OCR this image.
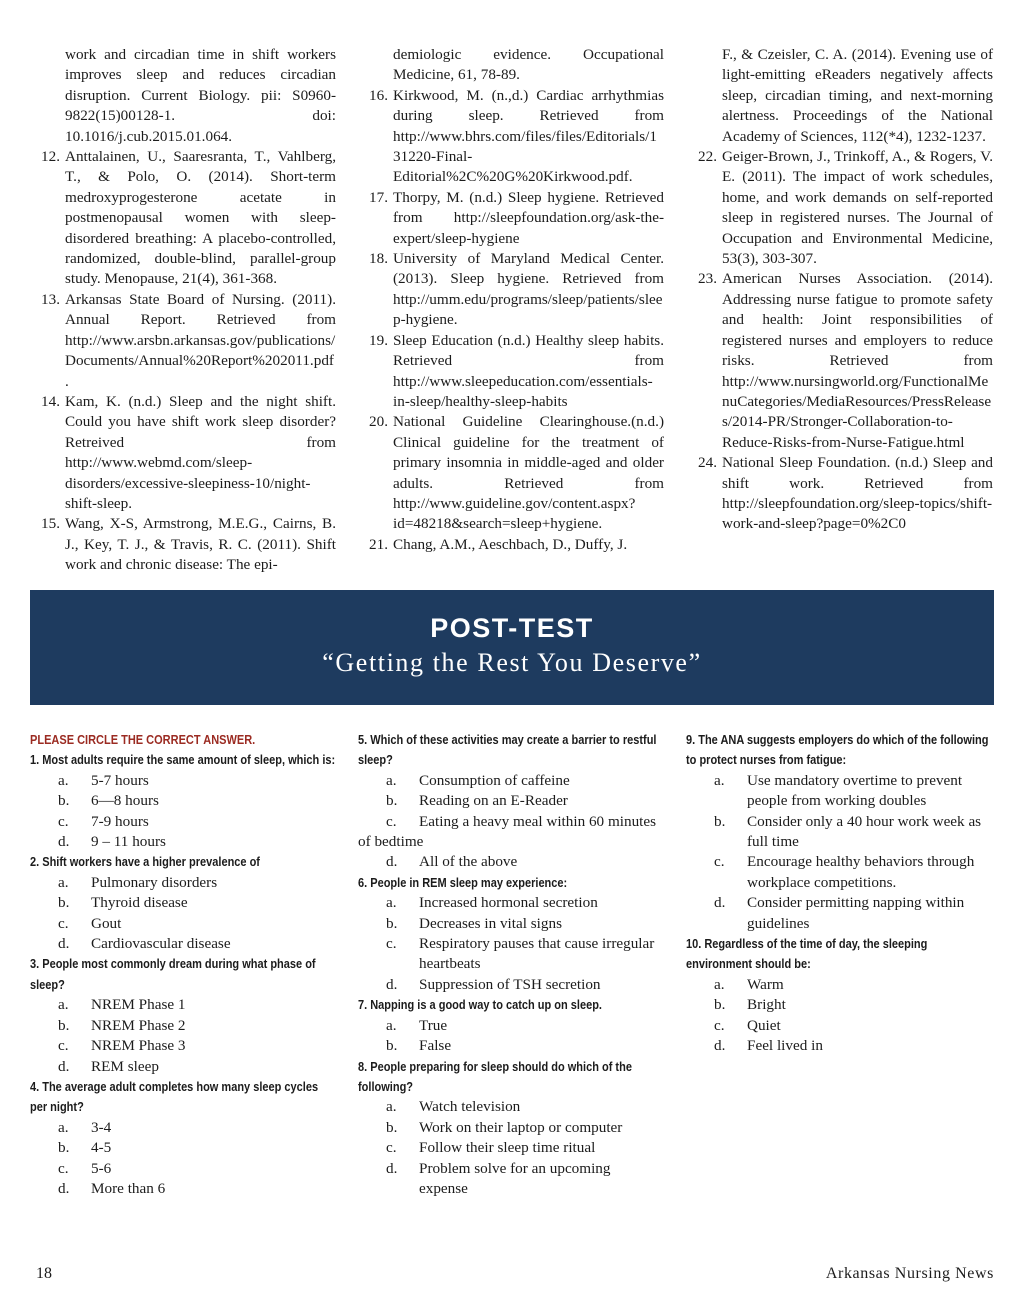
work and circadian time in shift workers improves sleep and reduces circadian disruption. Current Biology. pii: S0960-9822(15)00128-1. doi: 10.1016/j.cub.2015.01.064.
12. Anttalainen, U., Saaresranta, T., Vahlberg, T., & Polo, O. (2014). Short-term medroxyprogesterone acetate in postmenopausal women with sleep-disordered breathing: A placebo-controlled, randomized, double-blind, parallel-group study. Menopause, 21(4), 361-368.
13. Arkansas State Board of Nursing. (2011). Annual Report. Retrieved from http://www.arsbn.arkansas.gov/publications/Documents/Annual%20Report%202011.pdf.
14. Kam, K. (n.d.) Sleep and the night shift. Could you have shift work sleep disorder? Retreived from http://www.webmd.com/sleep-disorders/excessive-sleepiness-10/night-shift-sleep.
15. Wang, X-S, Armstrong, M.E.G., Cairns, B. J., Key, T. J., & Travis, R. C. (2011). Shift work and chronic disease: The epi-
demiologic evidence. Occupational Medicine, 61, 78-89.
16. Kirkwood, M. (n.,d.) Cardiac arrhythmias during sleep. Retrieved from http://www.bhrs.com/files/files/Editorials/131220-Final-Editorial%2C%20G%20Kirkwood.pdf.
17. Thorpy, M. (n.d.) Sleep hygiene. Retrieved from http://sleepfoundation.org/ask-the-expert/sleep-hygiene
18. University of Maryland Medical Center. (2013). Sleep hygiene. Retrieved from http://umm.edu/programs/sleep/patients/sleep-hygiene.
19. Sleep Education (n.d.) Healthy sleep habits. Retrieved from http://www.sleepeducation.com/essentials-in-sleep/healthy-sleep-habits
20. National Guideline Clearinghouse.(n.d.) Clinical guideline for the treatment of primary insomnia in middle-aged and older adults. Retrieved from http://www.guideline.gov/content.aspx?id=48218&search=sleep+hygiene.
21. Chang, A.M., Aeschbach, D., Duffy, J.
F., & Czeisler, C. A. (2014). Evening use of light-emitting eReaders negatively affects sleep, circadian timing, and next-morning alertness. Proceedings of the National Academy of Sciences, 112(*4), 1232-1237.
22. Geiger-Brown, J., Trinkoff, A., & Rogers, V. E. (2011). The impact of work schedules, home, and work demands on self-reported sleep in registered nurses. The Journal of Occupation and Environmental Medicine, 53(3), 303-307.
23. American Nurses Association. (2014). Addressing nurse fatigue to promote safety and health: Joint responsibilities of registered nurses and employers to reduce risks. Retrieved from http://www.nursingworld.org/FunctionalMenuCategories/MediaResources/PressReleases/2014-PR/Stronger-Collaboration-to-Reduce-Risks-from-Nurse-Fatigue.html
24. National Sleep Foundation. (n.d.) Sleep and shift work. Retrieved from http://sleepfoundation.org/sleep-topics/shift-work-and-sleep?page=0%2C0
POST-TEST
“Getting the Rest You Deserve”
PLEASE CIRCLE THE CORRECT ANSWER.
1. Most adults require the same amount of sleep, which is:
a. 5-7 hours
b. 6—8 hours
c. 7-9 hours
d. 9 – 11 hours
2. Shift workers have a higher prevalence of
a. Pulmonary disorders
b. Thyroid disease
c. Gout
d. Cardiovascular disease
3. People most commonly dream during what phase of sleep?
a. NREM Phase 1
b. NREM Phase 2
c. NREM Phase 3
d. REM sleep
4. The average adult completes how many sleep cycles per night?
a. 3-4
b. 4-5
c. 5-6
d. More than 6
5. Which of these activities may create a barrier to restful sleep?
a. Consumption of caffeine
b. Reading on an E-Reader
c. Eating a heavy meal within 60 minutes of bedtime
d. All of the above
6. People in REM sleep may experience:
a. Increased hormonal secretion
b. Decreases in vital signs
c. Respiratory pauses that cause irregular heartbeats
d. Suppression of TSH secretion
7. Napping is a good way to catch up on sleep.
a. True
b. False
8. People preparing for sleep should do which of the following?
a. Watch television
b. Work on their laptop or computer
c. Follow their sleep time ritual
d. Problem solve for an upcoming expense
9. The ANA suggests employers do which of the following to protect nurses from fatigue:
a. Use mandatory overtime to prevent people from working doubles
b. Consider only a 40 hour work week as full time
c. Encourage healthy behaviors through workplace competitions.
d. Consider permitting napping within guidelines
10. Regardless of the time of day, the sleeping environment should be:
a. Warm
b. Bright
c. Quiet
d. Feel lived in
18	Arkansas Nursing News
